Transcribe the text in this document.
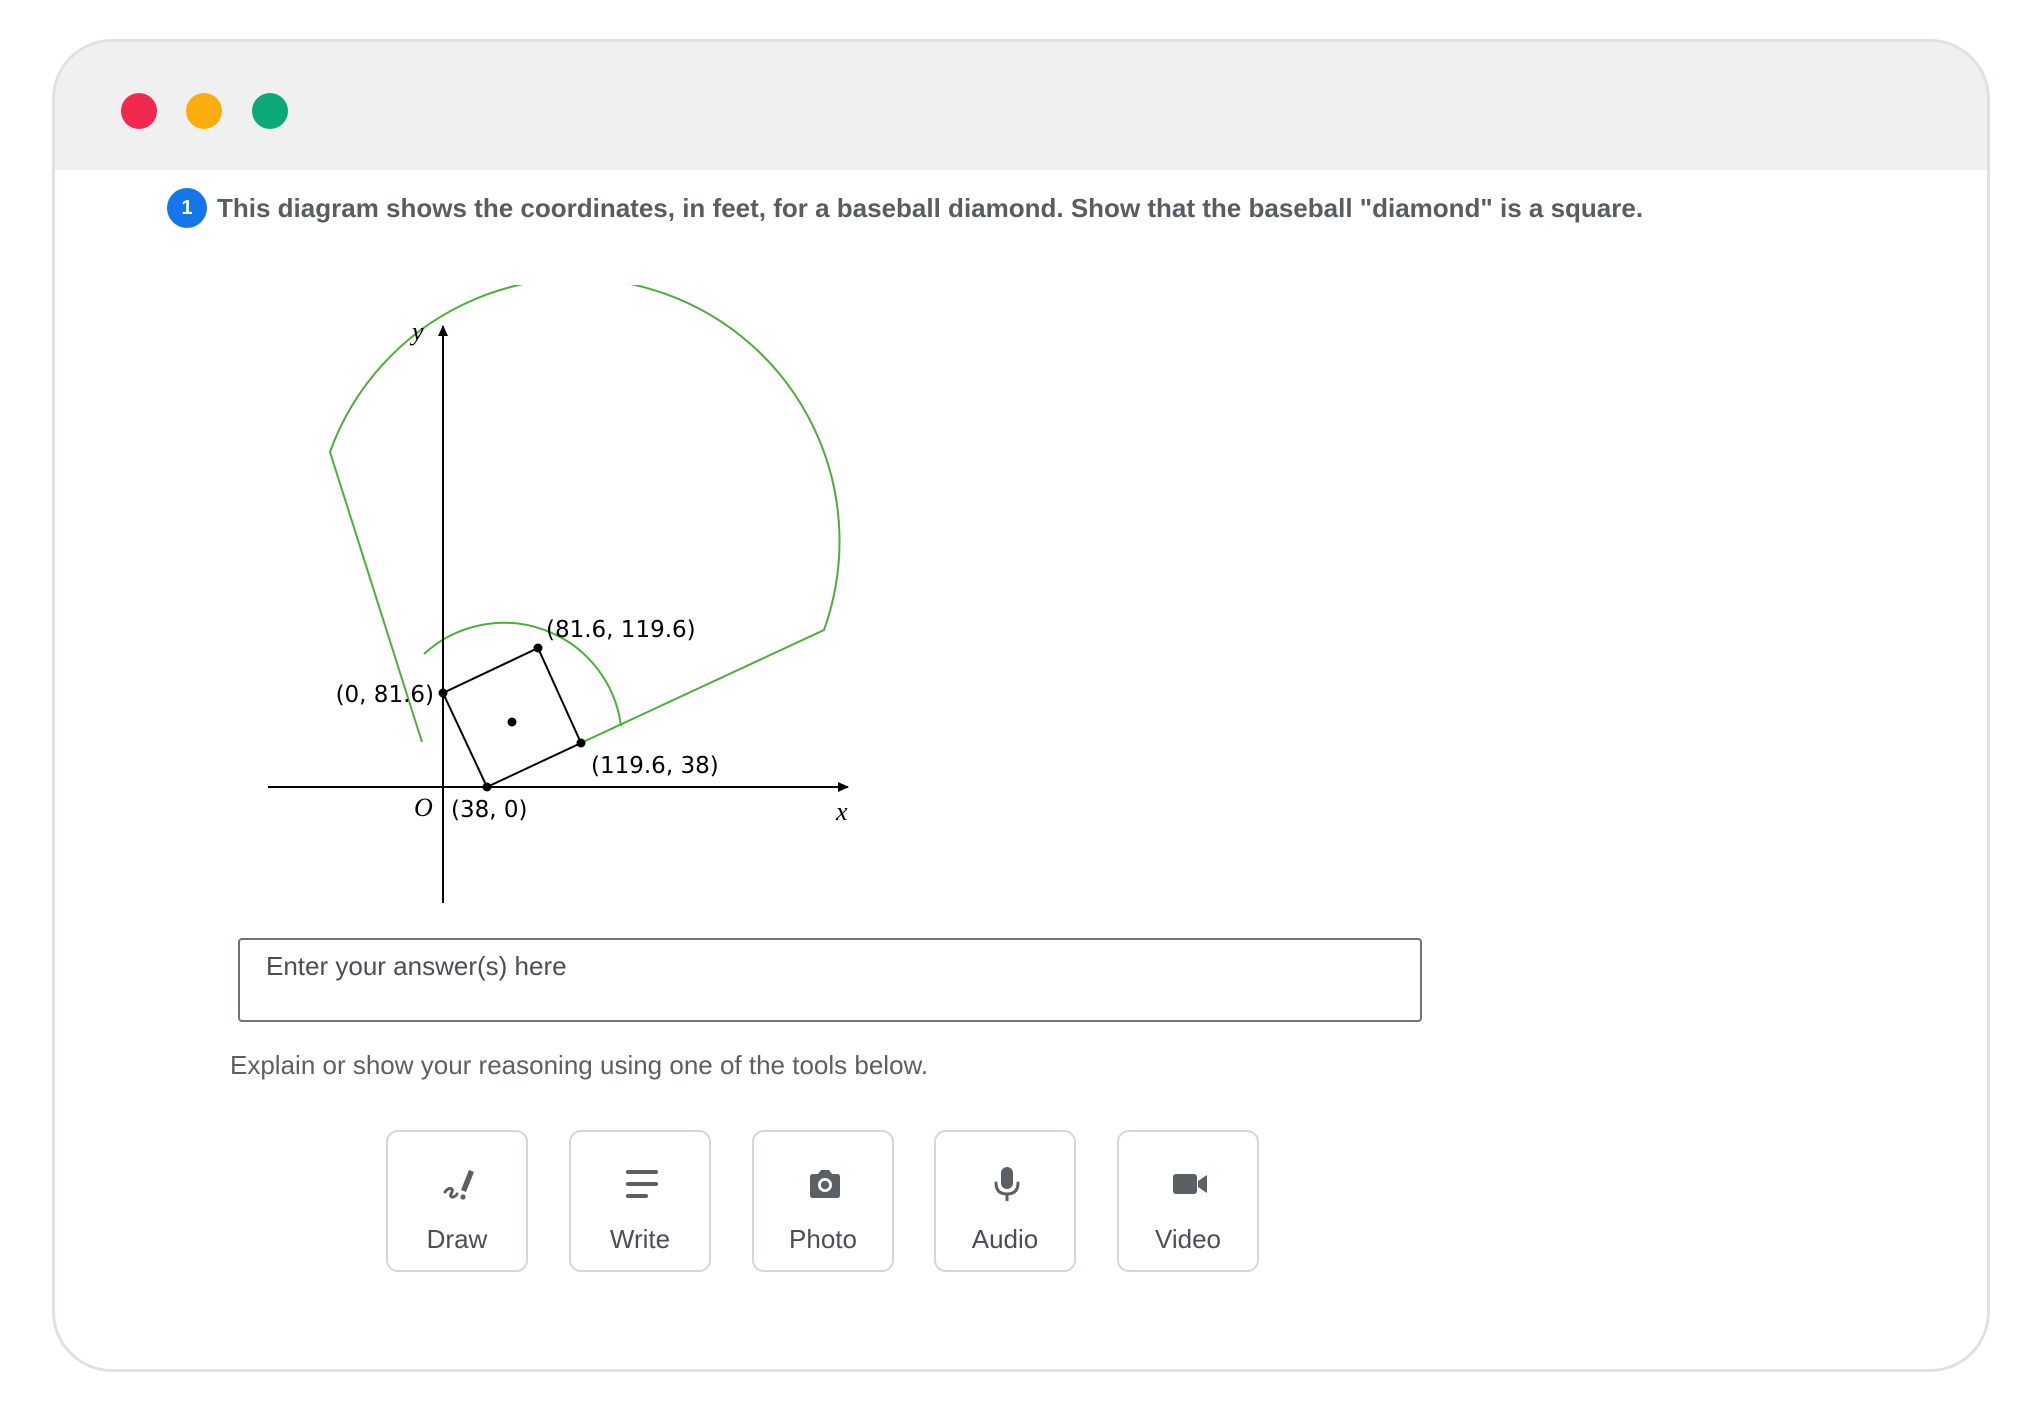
1 This diagram shows the coordinates, in feet, for a baseball diamond. Show that the baseball "diamond" is a square.
y
x
O (38, 0)
(119.6, 38)
(81.6, 119.6)
(0, 81.6)
Enter your answer(s) here
Explain or show your reasoning using one of the tools below.
Draw	Write	Photo	Audio	Video
